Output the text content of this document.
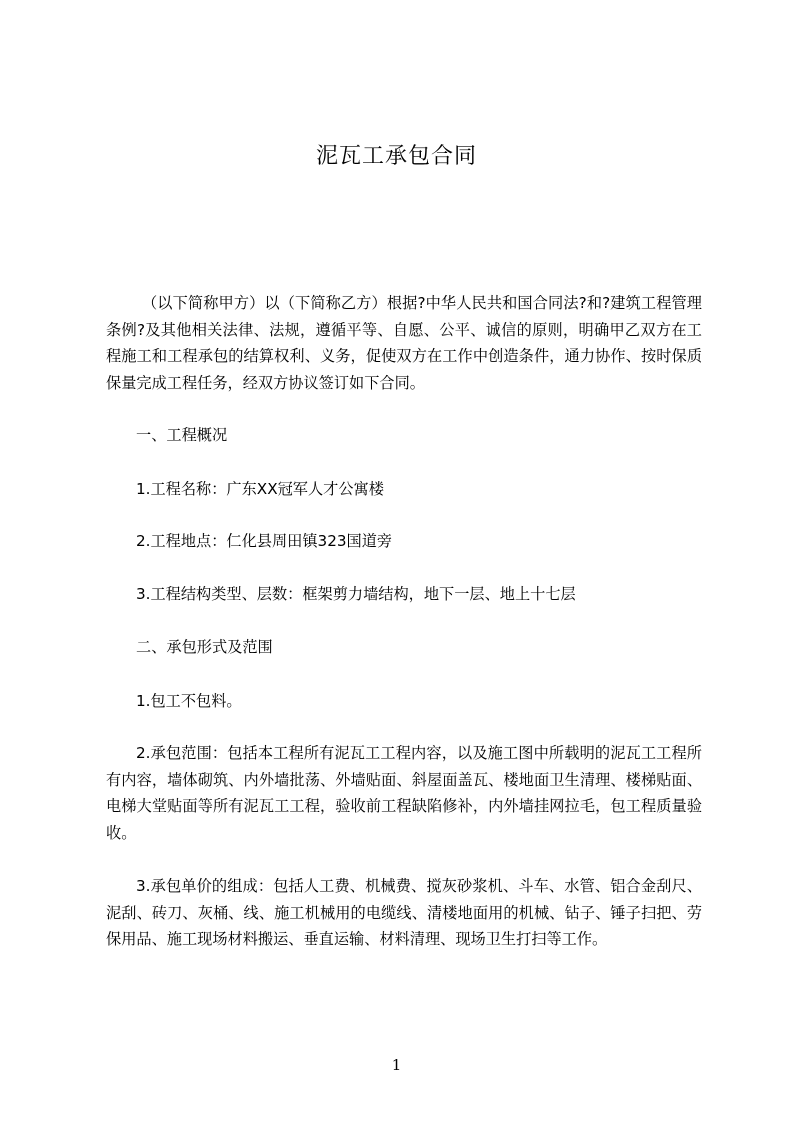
泥瓦工承包合同
（以下简称甲方）以（下简称乙方）根据?中华人民共和国合同法?和?建筑工程管理条例?及其他相关法律、法规，遵循平等、自愿、公平、诚信的原则，明确甲乙双方在工程施工和工程承包的结算权利、义务，促使双方在工作中创造条件，通力协作、按时保质保量完成工程任务，经双方协议签订如下合同。
一、工程概况
1.工程名称：广东XX冠军人才公寓楼
2.工程地点：仁化县周田镇323国道旁
3.工程结构类型、层数：框架剪力墙结构，地下一层、地上十七层
二、承包形式及范围
1.包工不包料。
2.承包范围：包括本工程所有泥瓦工工程内容，以及施工图中所载明的泥瓦工工程所有内容，墙体砌筑、内外墙批荡、外墙贴面、斜屋面盖瓦、楼地面卫生清理、楼梯贴面、电梯大堂贴面等所有泥瓦工工程，验收前工程缺陷修补，内外墙挂网拉毛，包工程质量验收。
3.承包单价的组成：包括人工费、机械费、搅灰砂浆机、斗车、水管、铝合金刮尺、泥刮、砖刀、灰桶、线、施工机械用的电缆线、清楼地面用的机械、钻子、锤子扫把、劳保用品、施工现场材料搬运、垂直运输、材料清理、现场卫生打扫等工作。
1
